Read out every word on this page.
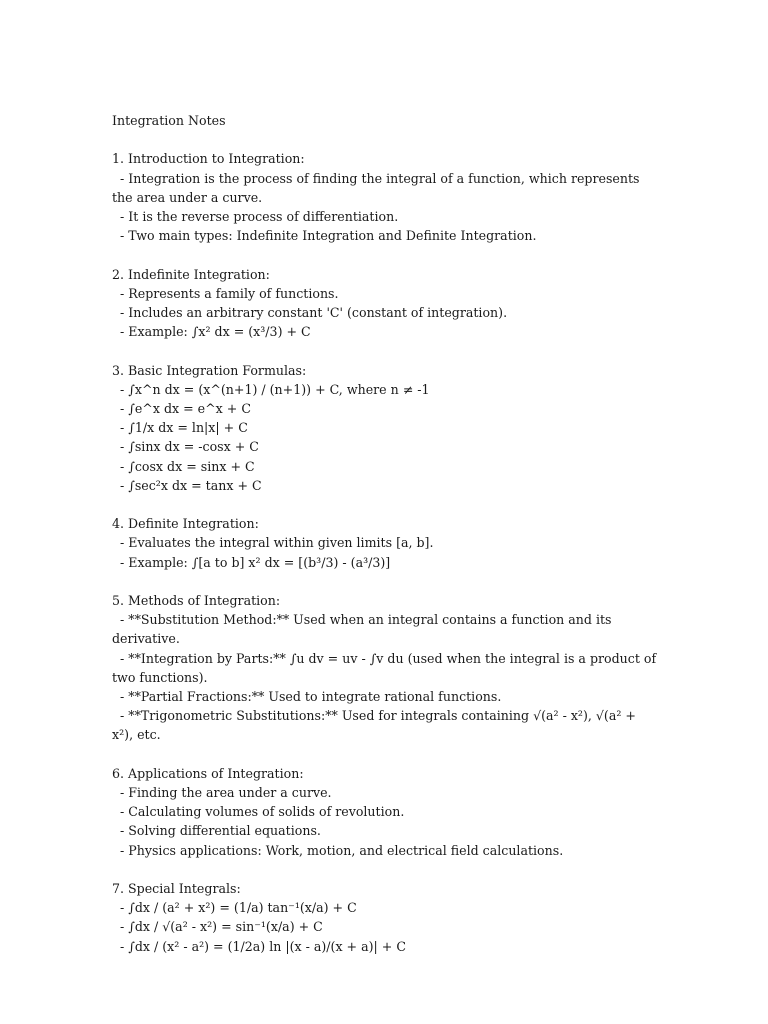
Integration Notes

1. Introduction to Integration:

- Integration is the process of finding the integral of a function, which represents the area under a curve.

- It is the reverse process of differentiation.

- Two main types: Indefinite Integration and Definite Integration.

2. Indefinite Integration:

- Represents a family of functions.

- Includes an arbitrary constant 'C' (constant of integration).

- Example: ∫x² dx = (x³/3) + C

3. Basic Integration Formulas:

- ∫x^n dx = (x^(n+1) / (n+1)) + C, where n ≠ -1

- ∫e^x dx = e^x + C

- ∫1/x dx = ln|x| + C

- ∫sinx dx = -cosx + C

- ∫cosx dx = sinx + C

- ∫sec²x dx = tanx + C

4. Definite Integration:

- Evaluates the integral within given limits [a, b].

- Example: ∫[a to b] x² dx = [(b³/3) - (a³/3)]

5. Methods of Integration:

- **Substitution Method:** Used when an integral contains a function and its derivative.

- **Integration by Parts:** ∫u dv = uv - ∫v du (used when the integral is a product of two functions).

- **Partial Fractions:** Used to integrate rational functions.

- **Trigonometric Substitutions:** Used for integrals containing √(a² - x²), √(a² + x²), etc.

6. Applications of Integration:

- Finding the area under a curve.

- Calculating volumes of solids of revolution.

- Solving differential equations.

- Physics applications: Work, motion, and electrical field calculations.

7. Special Integrals:

- ∫dx / (a² + x²) = (1/a) tan⁻¹(x/a) + C

- ∫dx / √(a² - x²) = sin⁻¹(x/a) + C

- ∫dx / (x² - a²) = (1/2a) ln |(x - a)/(x + a)| + C
